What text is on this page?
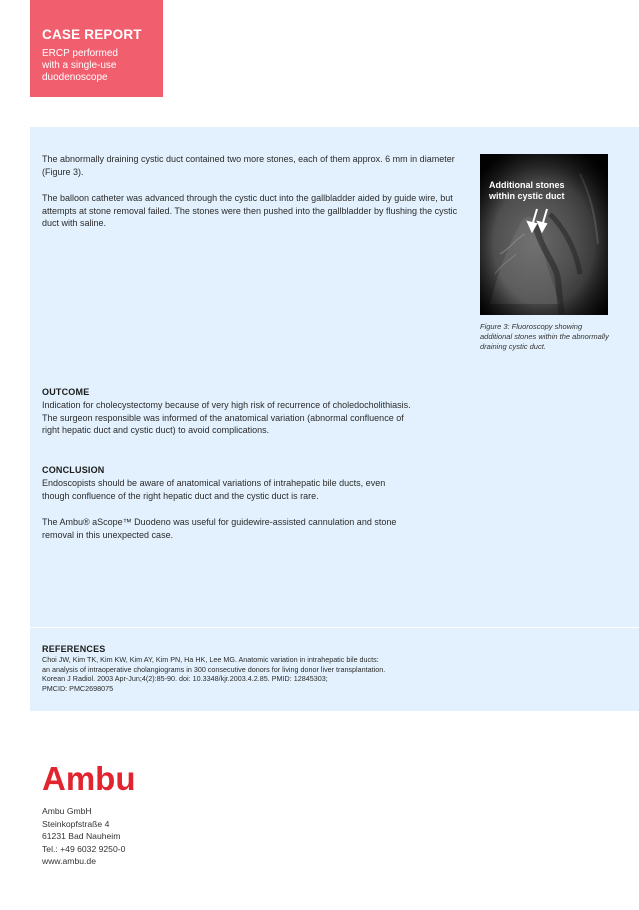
CASE REPORT
ERCP performed
with a single-use
duodenoscope

The abnormally draining cystic duct contained two more stones, each of them approx. 6 mm in diameter (Figure 3).

The balloon catheter was advanced through the cystic duct into the gallbladder aided by guide wire, but attempts at stone removal failed. The stones were then pushed into the gallbladder by flushing the cystic duct with saline.

Additional stones
within cystic duct
Figure 3: Fluoroscopy showing additional stones within the abnormally draining cystic duct.
OUTCOME

Indication for cholecystectomy because of very high risk of recurrence of choledocholithiasis.
The surgeon responsible was informed of the anatomical variation (abnormal confluence of
right hepatic duct and cystic duct) to avoid complications.

CONCLUSION

Endoscopists should be aware of anatomical variations of intrahepatic bile ducts, even
though confluence of the right hepatic duct and the cystic duct is rare.

The Ambu® aScope™ Duodeno was useful for guidewire-assisted cannulation and stone
removal in this unexpected case.

REFERENCES
Choi JW, Kim TK, Kim KW, Kim AY, Kim PN, Ha HK, Lee MG. Anatomic variation in intrahepatic bile ducts:
an analysis of intraoperative cholangiograms in 300 consecutive donors for living donor liver transplantation.
Korean J Radiol. 2003 Apr-Jun;4(2):85-90. doi: 10.3348/kjr.2003.4.2.85. PMID: 12845303;
PMCID: PMC2698075
Ambu
Ambu GmbH
Steinkopfstraße 4
61231 Bad Nauheim
Tel.: +49 6032 9250-0
www.ambu.de
